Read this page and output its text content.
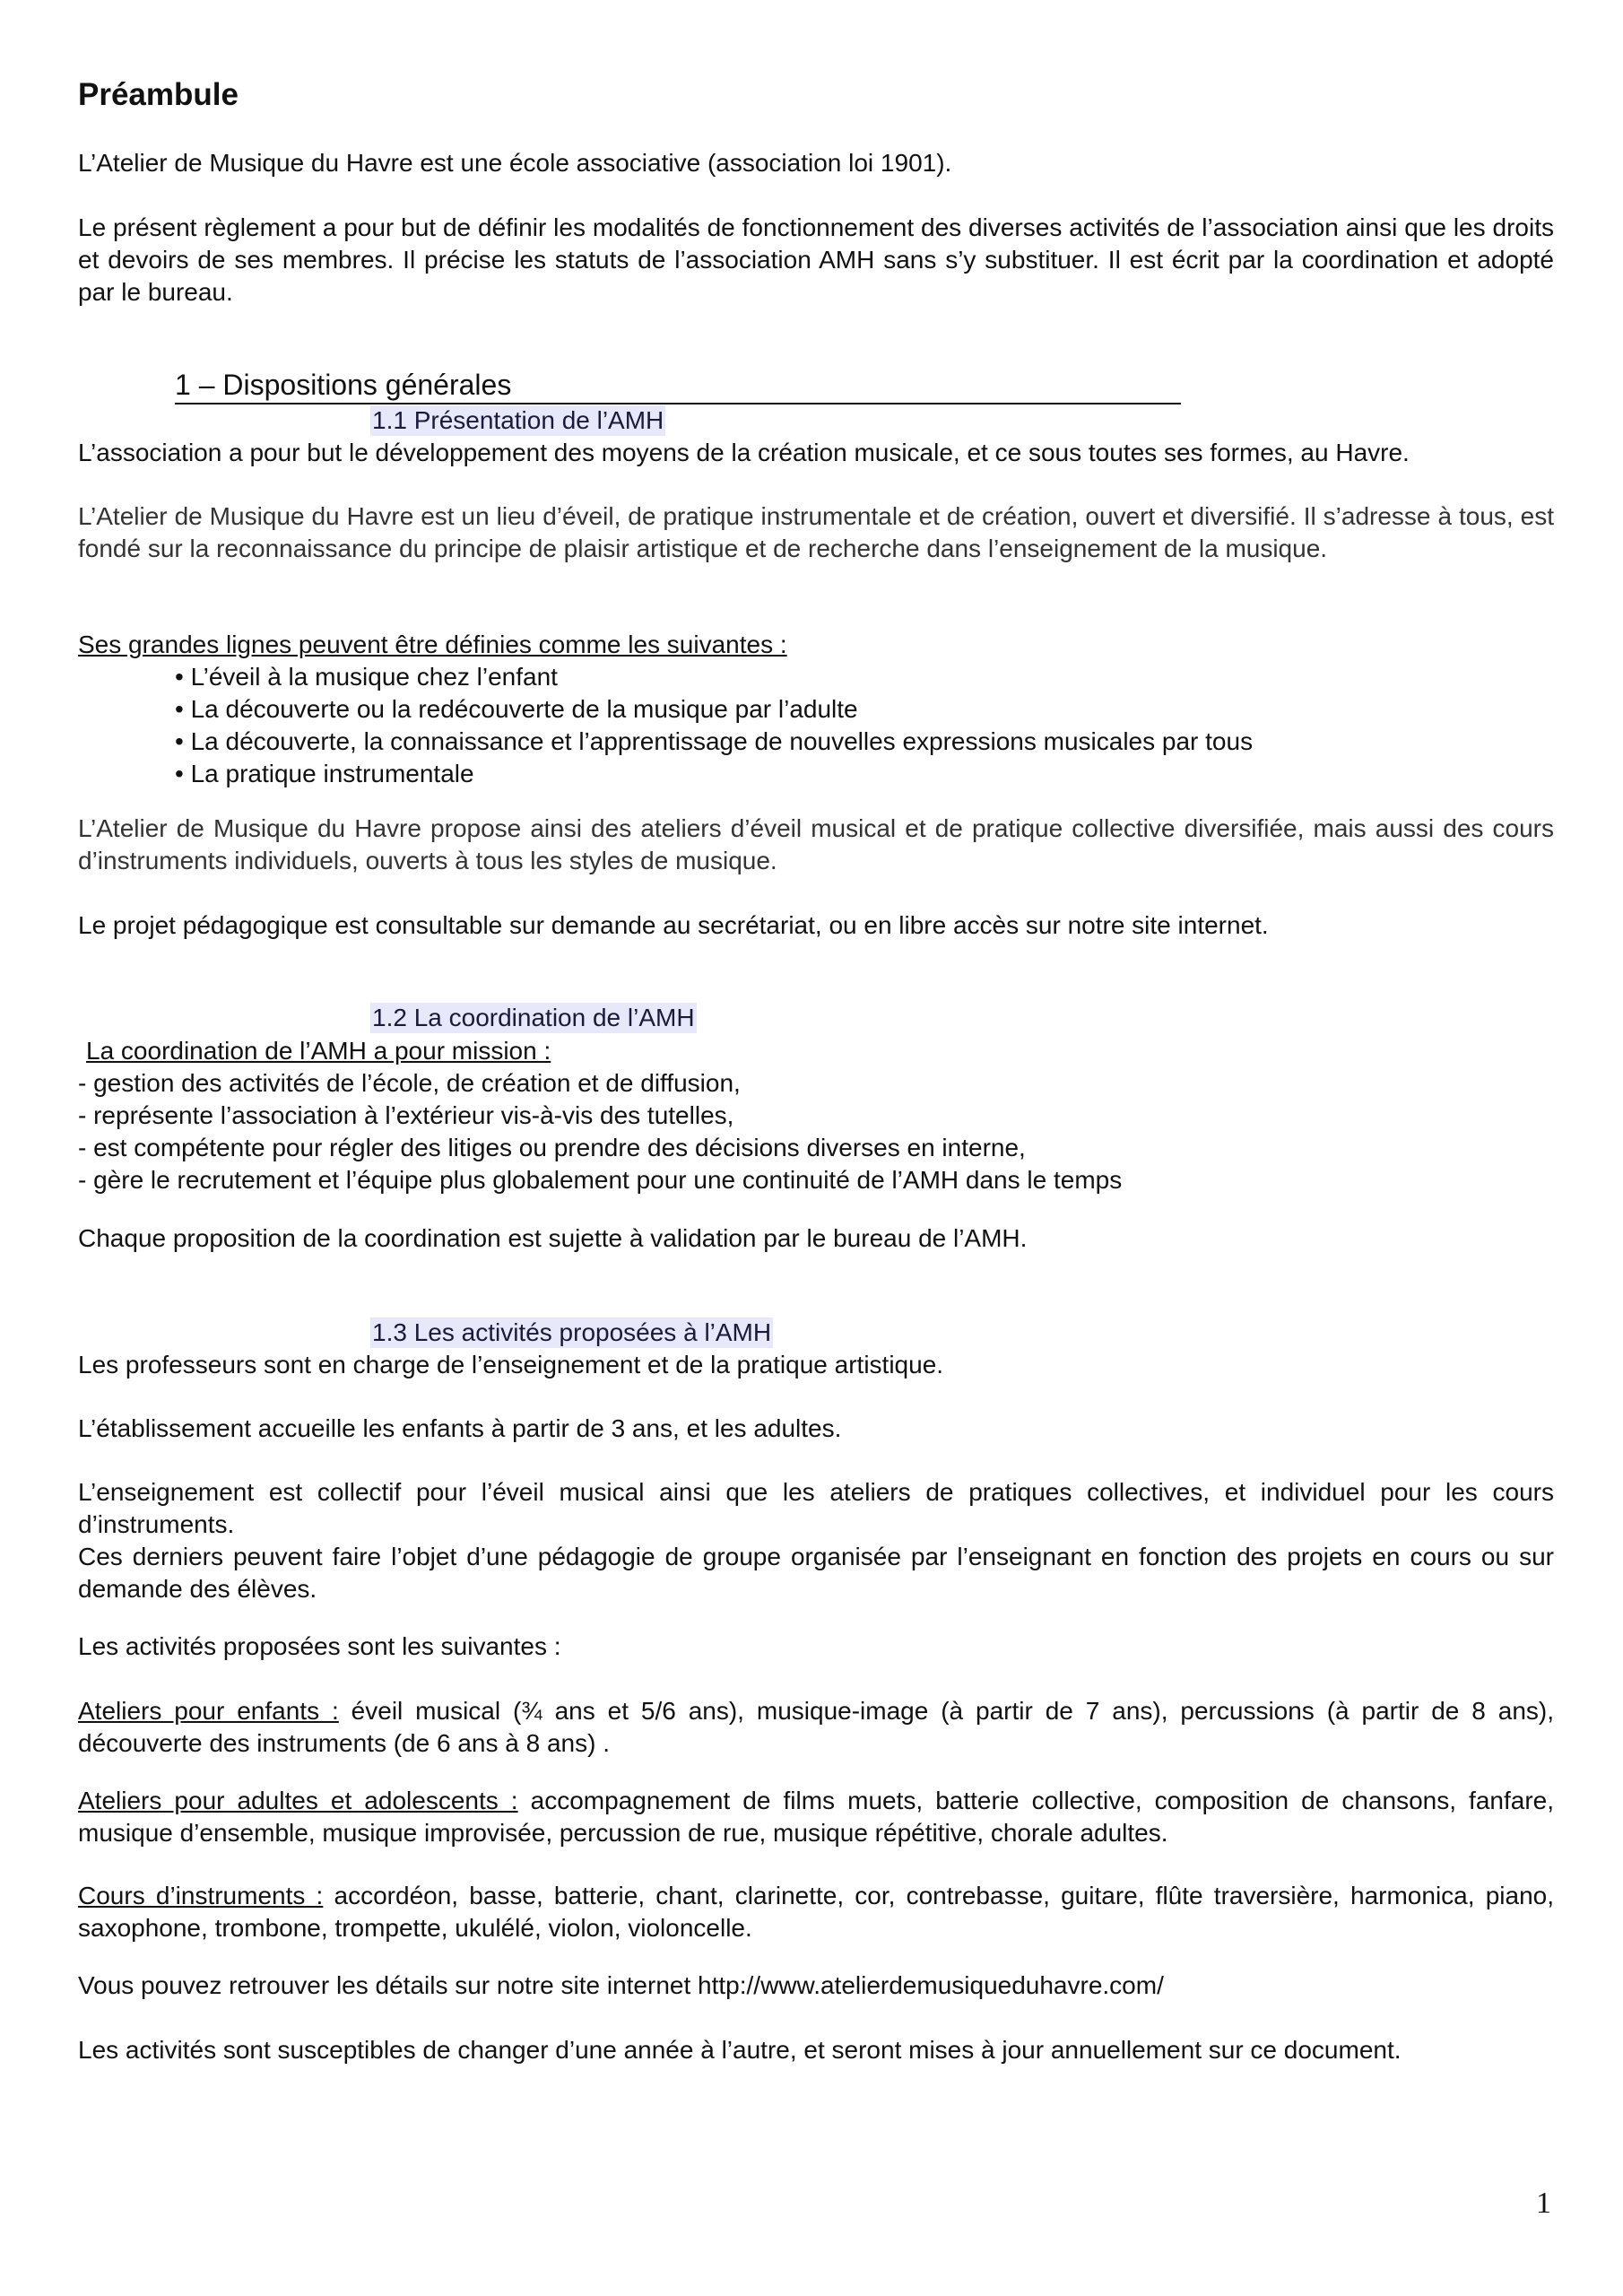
Préambule

L’Atelier de Musique du Havre est une école associative (association loi 1901).

Le présent règlement a pour but de définir les modalités de fonctionnement des diverses activités de l’association ainsi que les droits et devoirs de ses membres. Il précise les statuts de l’association AMH sans s’y substituer. Il est écrit par la coordination et adopté par le bureau.

1 – Dispositions générales
1.1 Présentation de l’AMH

L’association a pour but le développement des moyens de la création musicale, et ce sous toutes ses formes, au Havre.

L’Atelier de Musique du Havre est un lieu d’éveil, de pratique instrumentale et de création, ouvert et diversifié. Il s’adresse à tous, est fondé sur la reconnaissance du principe de plaisir artistique et de recherche dans l’enseignement de la musique.

Ses grandes lignes peuvent être définies comme les suivantes :

• L’éveil à la musique chez l’enfant
• La découverte ou la redécouverte de la musique par l’adulte
• La découverte, la connaissance et l’apprentissage de nouvelles expressions musicales par tous
• La pratique instrumentale

L’Atelier de Musique du Havre propose ainsi des ateliers d’éveil musical et de pratique collective diversifiée, mais aussi des cours d’instruments individuels, ouverts à tous les styles de musique.

Le projet pédagogique est consultable sur demande au secrétariat, ou en libre accès sur notre site internet.

1.2 La coordination de l’AMH

La coordination de l’AMH a pour mission :

- gestion des activités de l’école, de création et de diffusion,
- représente l’association à l’extérieur vis-à-vis des tutelles,
- est compétente pour régler des litiges ou prendre des décisions diverses en interne,
- gère le recrutement et l’équipe plus globalement pour une continuité de l’AMH dans le temps

Chaque proposition de la coordination est sujette à validation par le bureau de l’AMH.

1.3 Les activités proposées à l’AMH

Les professeurs sont en charge de l’enseignement et de la pratique artistique.

L’établissement accueille les enfants à partir de 3 ans, et les adultes.

L’enseignement est collectif pour l’éveil musical ainsi que les ateliers de pratiques collectives, et individuel pour les cours d’instruments.

Ces derniers peuvent faire l’objet d’une pédagogie de groupe organisée par l’enseignant en fonction des projets en cours ou sur demande des élèves.

Les activités proposées sont les suivantes :

Ateliers pour enfants : éveil musical (¾ ans et 5/6 ans), musique-image (à partir de 7 ans), percussions (à partir de 8 ans), découverte des instruments (de 6 ans à 8 ans) .

Ateliers pour adultes et adolescents : accompagnement de films muets, batterie collective, composition de chansons, fanfare, musique d’ensemble, musique improvisée, percussion de rue, musique répétitive, chorale adultes.

Cours d’instruments : accordéon, basse, batterie, chant, clarinette, cor, contrebasse, guitare, flûte traversière, harmonica, piano, saxophone, trombone, trompette, ukulélé, violon, violoncelle.

Vous pouvez retrouver les détails sur notre site internet http://www.atelierdemusiqueduhavre.com/

Les activités sont susceptibles de changer d’une année à l’autre, et seront mises à jour annuellement sur ce document.

1
